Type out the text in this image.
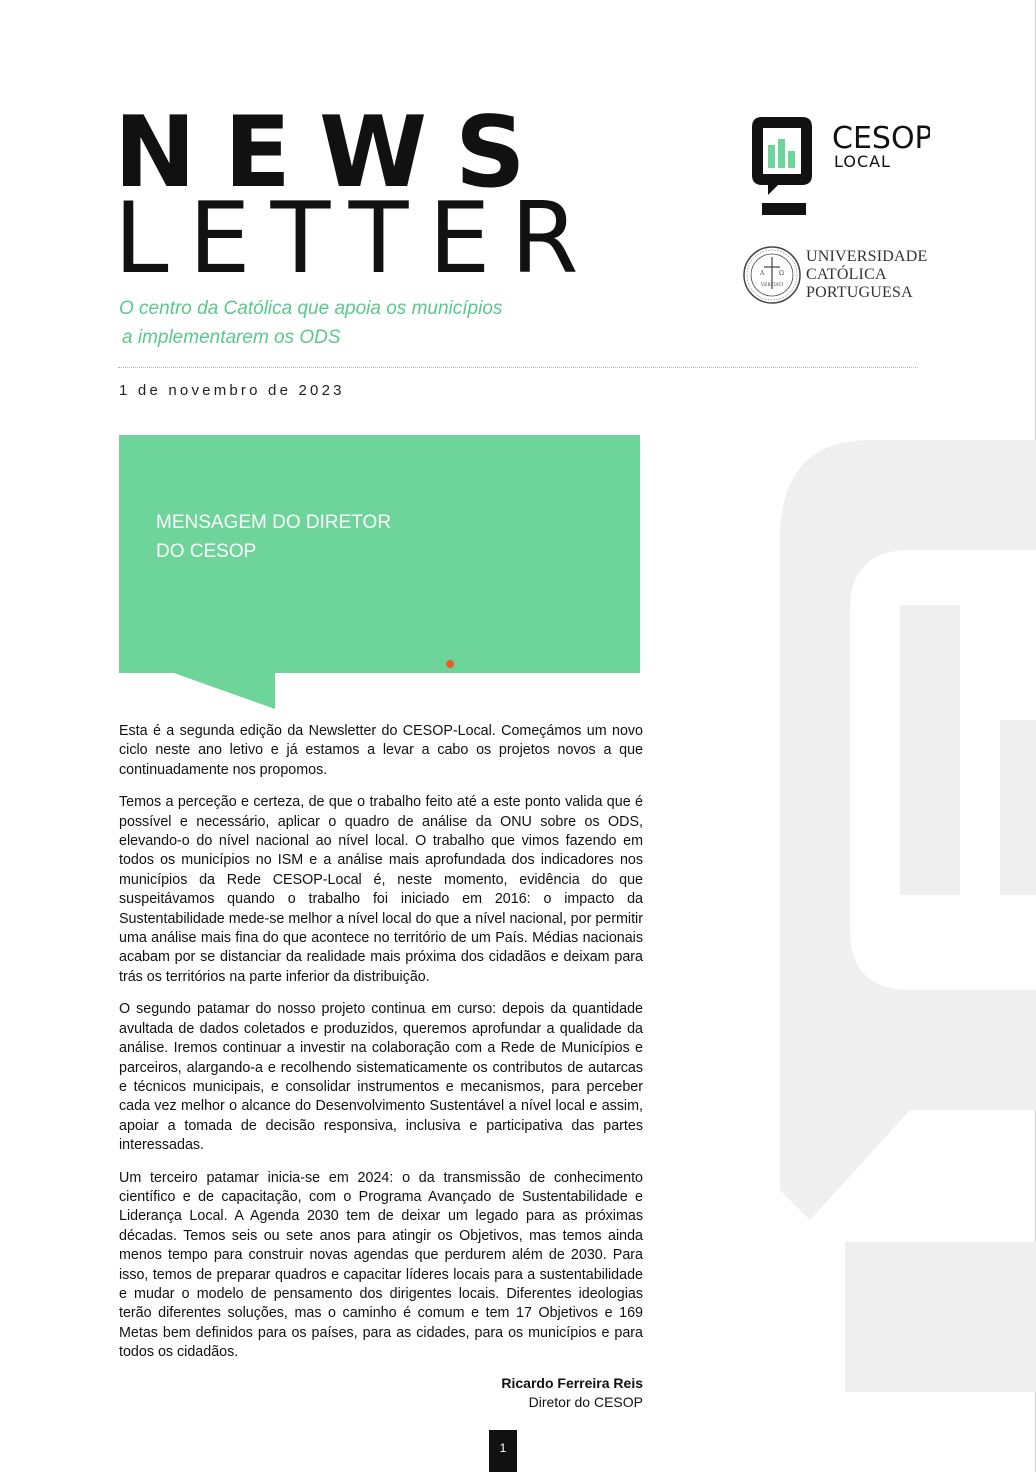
NEWS
LETTER
O centro da Católica que apoia os municípios
a implementarem os ODS
1 de novembro de 2023
CESOP
LOCAL
A Ω
VERITATI
UNIVERSIDADE
CATÓLICA
PORTUGUESA
MENSAGEM DO DIRETOR
DO CESOP

Esta é a segunda edição da Newsletter do CESOP-Local. Começámos um novo ciclo neste ano letivo e já estamos a levar a cabo os projetos novos a que continuadamente nos propomos.

Temos a perceção e certeza, de que o trabalho feito até a este ponto valida que é possível e necessário, aplicar o quadro de análise da ONU sobre os ODS, elevando-o do nível nacional ao nível local. O trabalho que vimos fazendo em todos os municípios no ISM e a análise mais aprofundada dos indicadores nos municípios da Rede CESOP-Local é, neste momento, evidência do que suspeitávamos quando o trabalho foi iniciado em 2016: o impacto da Sustentabilidade mede-se melhor a nível local do que a nível nacional, por permitir uma análise mais fina do que acontece no território de um País. Médias nacionais acabam por se distanciar da realidade mais próxima dos cidadãos e deixam para trás os territórios na parte inferior da distribuição.

O segundo patamar do nosso projeto continua em curso: depois da quantidade avultada de dados coletados e produzidos, queremos aprofundar a qualidade da análise. Iremos continuar a investir na colaboração com a Rede de Municípios e parceiros, alargando-a e recolhendo sistematicamente os contributos de autarcas e técnicos municipais, e consolidar instrumentos e mecanismos, para perceber cada vez melhor o alcance do Desenvolvimento Sustentável a nível local e assim, apoiar a tomada de decisão responsiva, inclusiva e participativa das partes interessadas.

Um terceiro patamar inicia-se em 2024: o da transmissão de conhecimento científico e de capacitação, com o Programa Avançado de Sustentabilidade e Liderança Local. A Agenda 2030 tem de deixar um legado para as próximas décadas. Temos seis ou sete anos para atingir os Objetivos, mas temos ainda menos tempo para construir novas agendas que perdurem além de 2030. Para isso, temos de preparar quadros e capacitar líderes locais para a sustentabilidade e mudar o modelo de pensamento dos dirigentes locais. Diferentes ideologias terão diferentes soluções, mas o caminho é comum e tem 17 Objetivos e 169 Metas bem definidos para os países, para as cidades, para os municípios e para todos os cidadãos.

Ricardo Ferreira Reis
Diretor do CESOP
1
